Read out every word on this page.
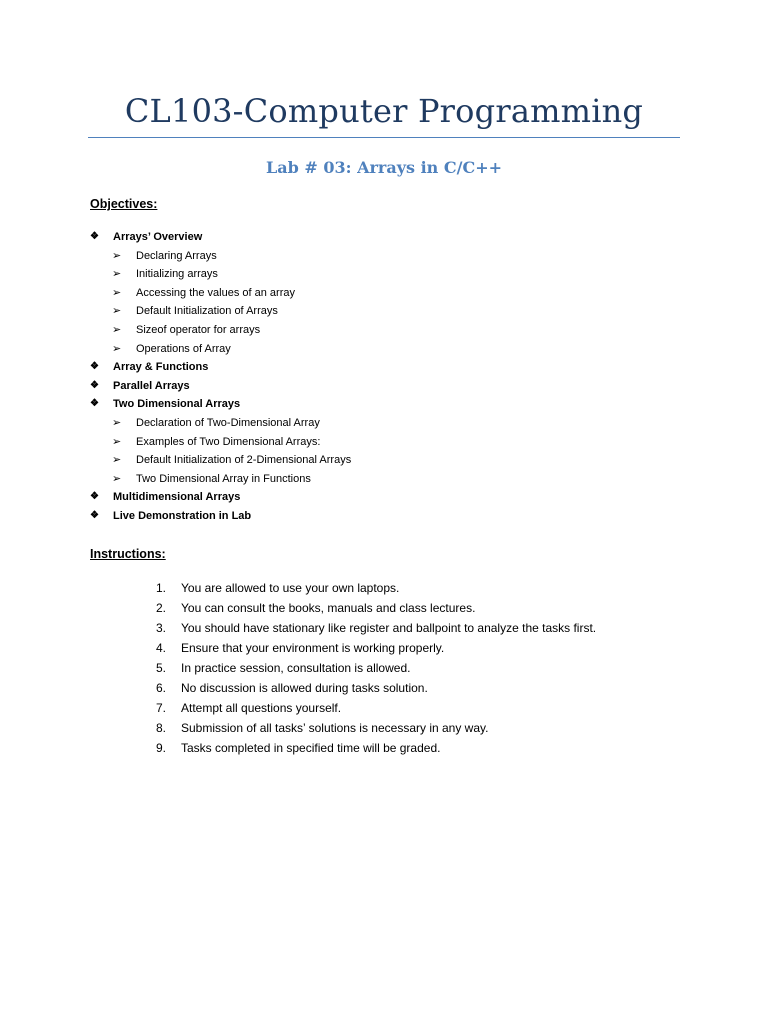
CL103-Computer Programming
Lab # 03: Arrays in C/C++
Objectives:
❖ Arrays’ Overview
➢ Declaring Arrays
➢ Initializing arrays
➢ Accessing the values of an array
➢ Default Initialization of Arrays
➢ Sizeof operator for arrays
➢ Operations of Array
❖ Array & Functions
❖ Parallel Arrays
❖ Two Dimensional Arrays
➢ Declaration of Two-Dimensional Array
➢ Examples of Two Dimensional Arrays:
➢ Default Initialization of 2-Dimensional Arrays
➢ Two Dimensional Array in Functions
❖ Multidimensional Arrays
❖ Live Demonstration in Lab
Instructions:
1. You are allowed to use your own laptops.
2. You can consult the books, manuals and class lectures.
3. You should have stationary like register and ballpoint to analyze the tasks first.
4. Ensure that your environment is working properly.
5. In practice session, consultation is allowed.
6. No discussion is allowed during tasks solution.
7. Attempt all questions yourself.
8. Submission of all tasks’ solutions is necessary in any way.
9. Tasks completed in specified time will be graded.
